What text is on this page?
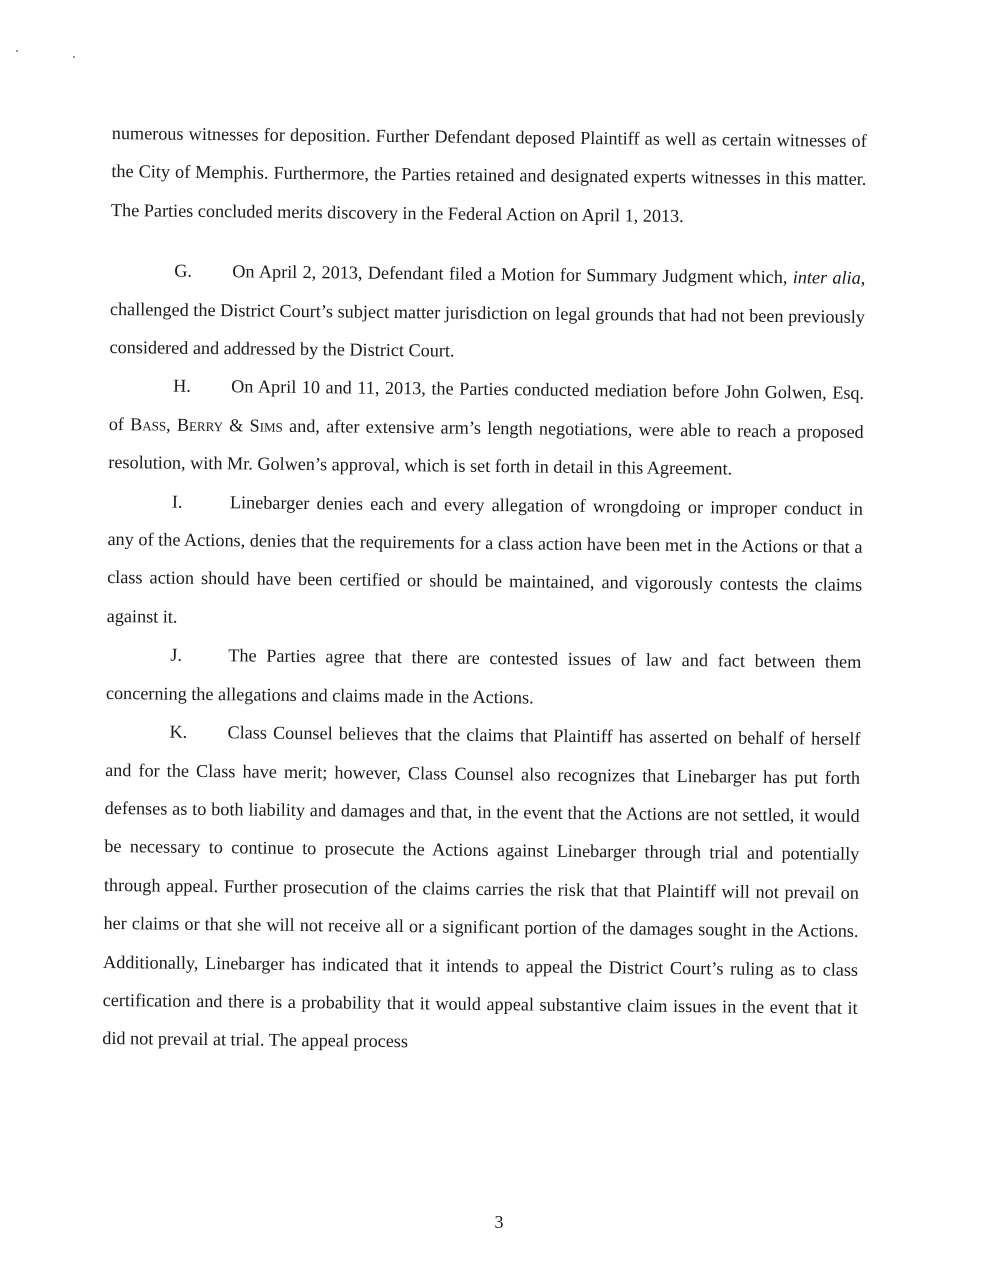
numerous witnesses for deposition. Further Defendant deposed Plaintiff as well as certain witnesses of the City of Memphis. Furthermore, the Parties retained and designated experts witnesses in this matter. The Parties concluded merits discovery in the Federal Action on April 1, 2013.

G. On April 2, 2013, Defendant filed a Motion for Summary Judgment which, inter alia, challenged the District Court’s subject matter jurisdiction on legal grounds that had not been previously considered and addressed by the District Court.

H. On April 10 and 11, 2013, the Parties conducted mediation before John Golwen, Esq. of Bass, Berry & Sims and, after extensive arm’s length negotiations, were able to reach a proposed resolution, with Mr. Golwen’s approval, which is set forth in detail in this Agreement.

I.	Linebarger denies each and every allegation of wrongdoing or improper conduct in any of the Actions, denies that the requirements for a class action have been met in the Actions or that a class action should have been certified or should be maintained, and vigorously contests the claims against it.

J.	The Parties agree that there are contested issues of law and fact between them concerning the allegations and claims made in the Actions.

K. Class Counsel believes that the claims that Plaintiff has asserted on behalf of herself and for the Class have merit; however, Class Counsel also recognizes that Linebarger has put forth defenses as to both liability and damages and that, in the event that the Actions are not settled, it would be necessary to continue to prosecute the Actions against Linebarger through trial and potentially through appeal. Further prosecution of the claims carries the risk that that Plaintiff will not prevail on her claims or that she will not receive all or a significant portion of the damages sought in the Actions. Additionally, Linebarger has indicated that it intends to appeal the District Court’s ruling as to class certification and there is a probability that it would appeal substantive claim issues in the event that it did not prevail at trial. The appeal process

3
